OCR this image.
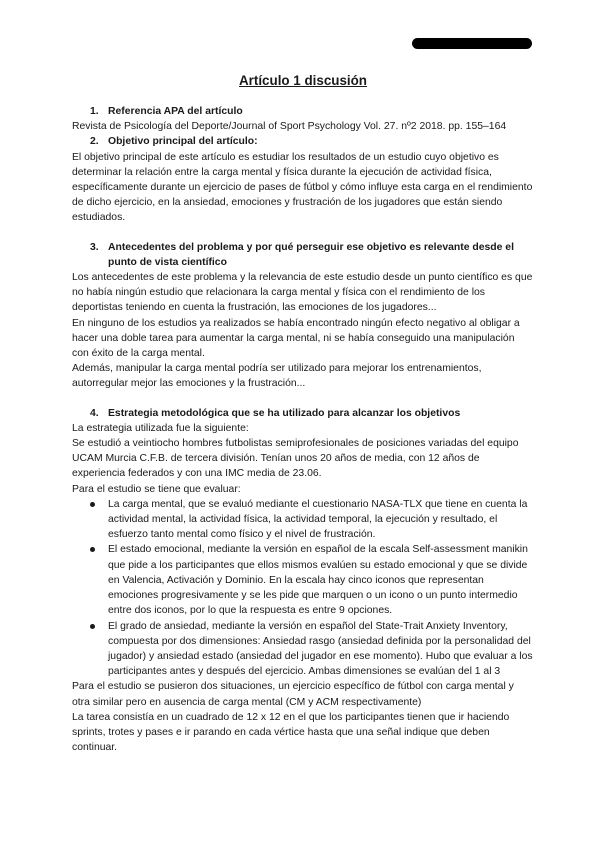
Artículo 1 discusión
1. Referencia APA del artículo

Revista de Psicología del Deporte/Journal of Sport Psychology Vol. 27. nº2 2018. pp. 155–164

2. Objetivo principal del artículo:

El objetivo principal de este artículo es estudiar los resultados de un estudio cuyo objetivo es determinar la relación entre la carga mental y física durante la ejecución de actividad física, específicamente durante un ejercicio de pases de fútbol y cómo influye esta carga en el rendimiento de dicho ejercicio, en la ansiedad, emociones y frustración de los jugadores que están siendo estudiados.

3. Antecedentes del problema y por qué perseguir ese objetivo es relevante desde el punto de vista científico

Los antecedentes de este problema y la relevancia de este estudio desde un punto científico es que no había ningún estudio que relacionara la carga mental y física con el rendimiento de los deportistas teniendo en cuenta la frustración, las emociones de los jugadores...

En ninguno de los estudios ya realizados se había encontrado ningún efecto negativo al obligar a hacer una doble tarea para aumentar la carga mental, ni se había conseguido una manipulación con éxito de la carga mental.

Además, manipular la carga mental podría ser utilizado para mejorar los entrenamientos, autorregular mejor las emociones y la frustración...

4. Estrategia metodológica que se ha utilizado para alcanzar los objetivos

La estrategia utilizada fue la siguiente:

Se estudió a veintiocho hombres futbolistas semiprofesionales de posiciones variadas del equipo UCAM Murcia C.F.B. de tercera división. Tenían unos 20 años de media, con 12 años de experiencia federados y con una IMC media de 23.06.

Para el estudio se tiene que evaluar:

La carga mental, que se evaluó mediante el cuestionario NASA-TLX que tiene en cuenta la actividad mental, la actividad física, la actividad temporal, la ejecución y resultado, el esfuerzo tanto mental como físico y el nivel de frustración.
El estado emocional, mediante la versión en español de la escala Self-assessment manikin que pide a los participantes que ellos mismos evalúen su estado emocional y que se divide en Valencia, Activación y Dominio. En la escala hay cinco iconos que representan emociones progresivamente y se les pide que marquen o un icono o un punto intermedio entre dos iconos, por lo que la respuesta es entre 9 opciones.
El grado de ansiedad, mediante la versión en español del State-Trait Anxiety Inventory, compuesta por dos dimensiones: Ansiedad rasgo (ansiedad definida por la personalidad del jugador) y ansiedad estado (ansiedad del jugador en ese momento). Hubo que evaluar a los participantes antes y después del ejercicio. Ambas dimensiones se evalúan del 1 al 3

Para el estudio se pusieron dos situaciones, un ejercicio específico de fútbol con carga mental y otra similar pero en ausencia de carga mental (CM y ACM respectivamente)

La tarea consistía en un cuadrado de 12 x 12 en el que los participantes tienen que ir haciendo sprints, trotes y pases e ir parando en cada vértice hasta que una señal indique que deben continuar.
